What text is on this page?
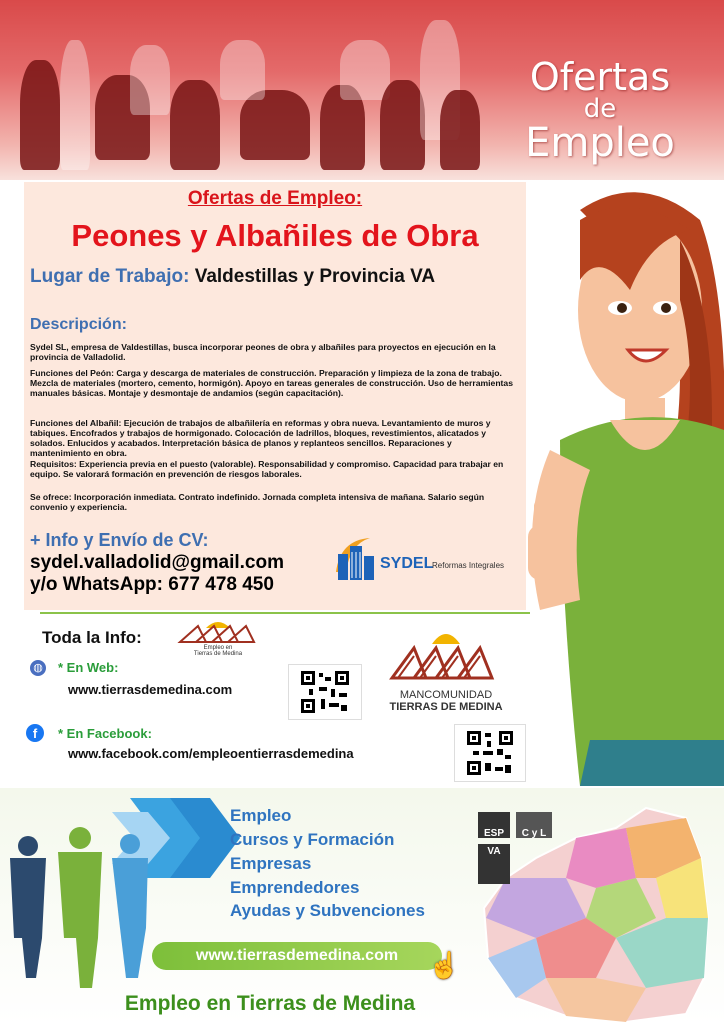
Ofertas
de
Empleo
Ofertas de Empleo:
Peones y Albañiles de Obra
Lugar de Trabajo: Valdestillas y Provincia VA
Descripción:
Sydel SL, empresa de Valdestillas, busca incorporar peones de obra y albañiles para proyectos en ejecución en la provincia de Valladolid.
Funciones del Peón: Carga y descarga de materiales de construcción. Preparación y limpieza de la zona de trabajo. Mezcla de materiales (mortero, cemento, hormigón). Apoyo en tareas generales de construcción. Uso de herramientas manuales básicas. Montaje y desmontaje de andamios (según capacitación).
Funciones del Albañil: Ejecución de trabajos de albañilería en reformas y obra nueva. Levantamiento de muros y tabiques. Encofrados y trabajos de hormigonado. Colocación de ladrillos, bloques, revestimientos, alicatados y solados. Enlucidos y acabados. Interpretación básica de planos y replanteos sencillos. Reparaciones y mantenimiento en obra.
Requisitos: Experiencia previa en el puesto (valorable). Responsabilidad y compromiso. Capacidad para trabajar en equipo. Se valorará formación en prevención de riesgos laborales.
Se ofrece: Incorporación inmediata. Contrato indefinido. Jornada completa intensiva de mañana. Salario según convenio y experiencia.
+ Info y Envío de CV:
sydel.valladolid@gmail.com
y/o WhatsApp: 677 478 450
SYDEL
Reformas Integrales
Toda la Info:
Empleo en
Tierras de Medina
◍ * En Web:
www.tierrasdemedina.com
f	* En Facebook:
www.facebook.com/empleoentierrasdemedina
MANCOMUNIDAD
TIERRAS DE MEDINA
Empleo
Cursos y Formación
Empresas
Emprendedores
Ayudas y Subvenciones
www.tierrasdemedina.com	☝
Empleo en Tierras de Medina
ESP	C y L
VA
